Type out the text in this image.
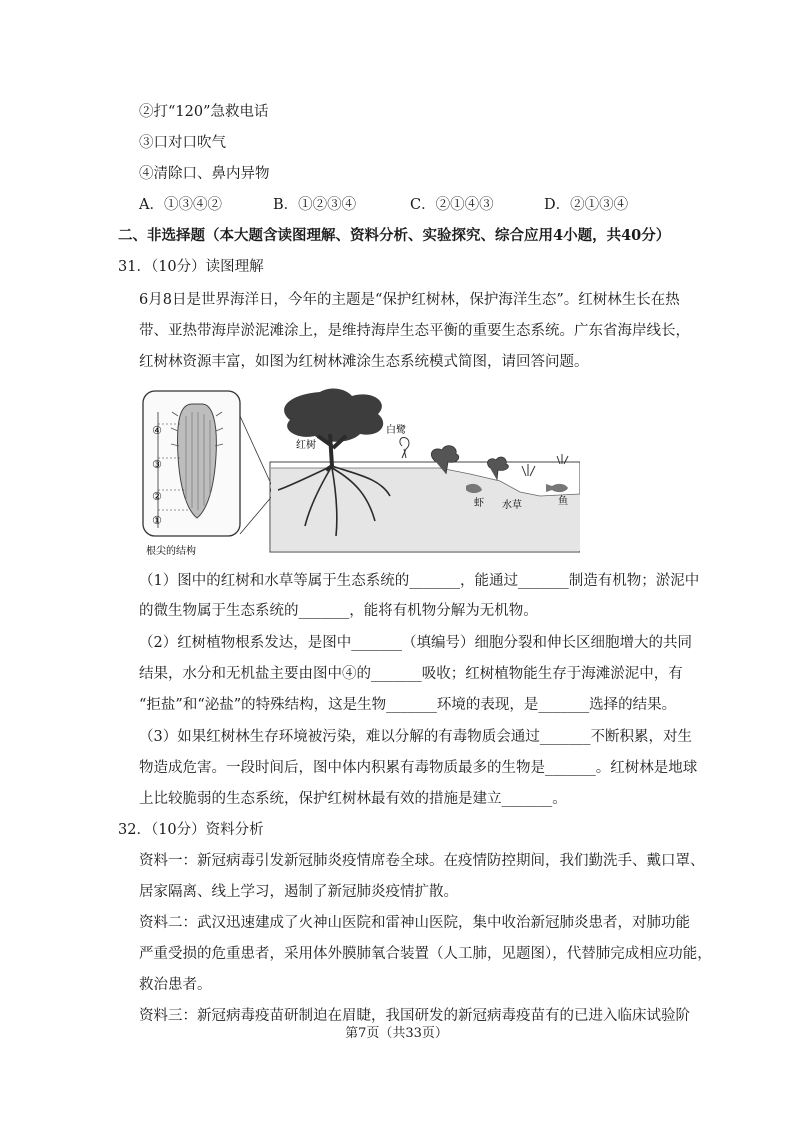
②打“120”急救电话
③口对口吹气
④清除口、鼻内异物
A．①③④②	B．①②③④	C．②①④③	D．②①③④
二、非选择题（本大题含读图理解、资料分析、实验探究、综合应用4小题，共40分）
31．（10分）读图理解
6月8日是世界海洋日，今年的主题是“保护红树林，保护海洋生态”。红树林生长在热
带、亚热带海岸淤泥滩涂上，是维持海岸生态平衡的重要生态系统。广东省海岸线长，
红树林资源丰富，如图为红树林滩涂生态系统模式简图，请回答问题。
④
③
②
①
根尖的结构
红树
白鹭
虾 水草	鱼
（1）图中的红树和水草等属于生态系统的_______，能通过_______制造有机物；淤泥中
的微生物属于生态系统的_______，能将有机物分解为无机物。
（2）红树植物根系发达，是图中_______（填编号）细胞分裂和伸长区细胞增大的共同
结果，水分和无机盐主要由图中④的_______吸收；红树植物能生存于海滩淤泥中，有
“拒盐”和“泌盐”的特殊结构，这是生物_______环境的表现，是_______选择的结果。
（3）如果红树林生存环境被污染，难以分解的有毒物质会通过_______不断积累，对生
物造成危害。一段时间后，图中体内积累有毒物质最多的生物是_______。红树林是地球
上比较脆弱的生态系统，保护红树林最有效的措施是建立_______。
32．（10分）资料分析
资料一：新冠病毒引发新冠肺炎疫情席卷全球。在疫情防控期间，我们勤洗手、戴口罩、
居家隔离、线上学习，遏制了新冠肺炎疫情扩散。
资料二：武汉迅速建成了火神山医院和雷神山医院，集中收治新冠肺炎患者，对肺功能
严重受损的危重患者，采用体外膜肺氧合装置（人工肺，见题图），代替肺完成相应功能，
救治患者。
资料三：新冠病毒疫苗研制迫在眉睫，我国研发的新冠病毒疫苗有的已进入临床试验阶
第7页（共33页）
